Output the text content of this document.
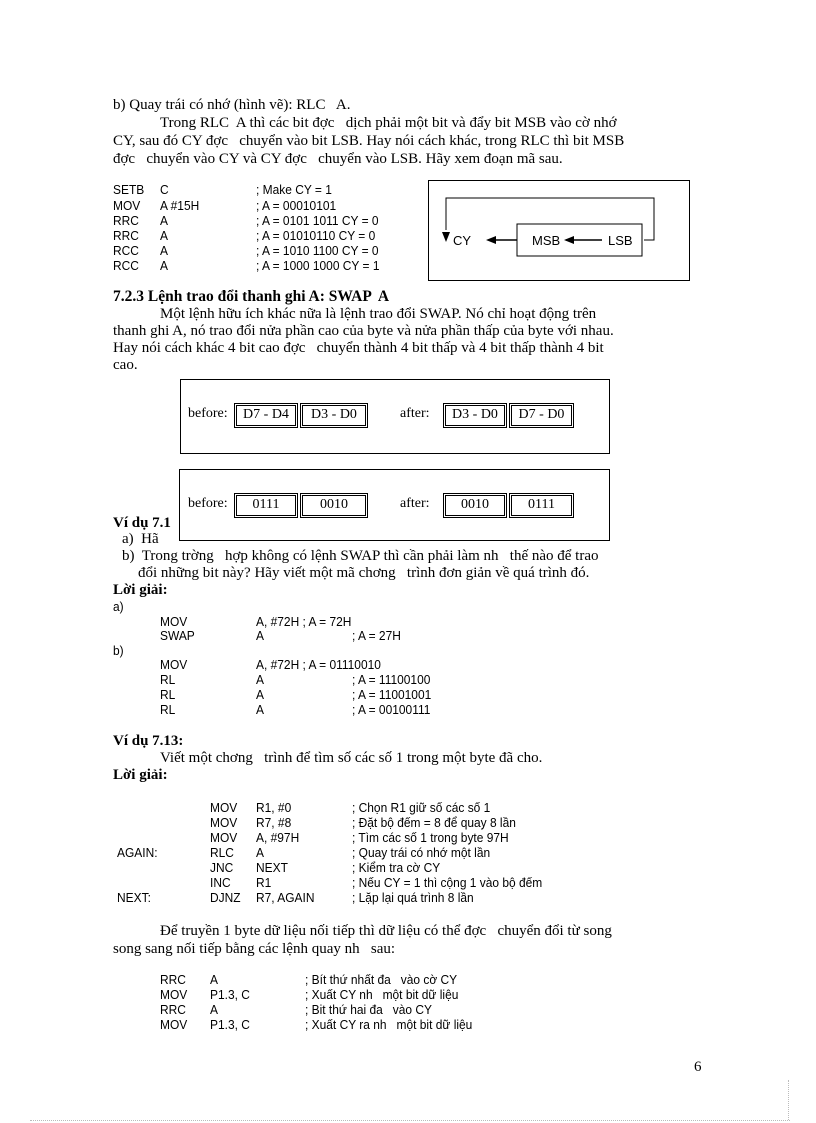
b) Quay trái có nhớ (hình vẽ): RLC   A.
Trong RLC  A thì các bit đợc   dịch phải một bit và đẩy bit MSB vào cờ nhớ
CY, sau đó CY đợc   chuyển vào bit LSB. Hay nói cách khác, trong RLC thì bit MSB
đợc   chuyển vào CY và CY đợc   chuyển vào LSB. Hãy xem đoạn mã sau.
SETB C	; Make CY = 1
MOV A #15H	; A = 00010101
RRC A	; A = 0101 1011 CY = 0
RRC A	; A = 01010110 CY = 0
RCC A	; A = 1010 1100 CY = 0
RCC A	; A = 1000 1000 CY = 1
CY	MSB	LSB
7.2.3 Lệnh trao đổi thanh ghi A: SWAP  A
Một lệnh hữu ích khác nữa là lệnh trao đổi SWAP. Nó chỉ hoạt động trên
thanh ghi A, nó trao đổi nửa phần cao của byte và nửa phần thấp của byte với nhau.
Hay nói cách khác 4 bit cao đợc   chuyển thành 4 bit thấp và 4 bit thấp thành 4 bit
cao.
before:	D7 - D4	D3 - D0	after:	D3 - D0	D7 - D0
Ví dụ 7.1
a)  Hã
before:	0111	0010	after:	0010	0111
b)  Trong trờng   hợp không có lệnh SWAP thì cần phải làm nh   thế nào để trao
đổi những bit này? Hãy viết một mã chơng   trình đơn giản về quá trình đó.
Lời giải:
a)
MOV	A, #72H ; A = 72H
SWAP	A	; A = 27H
b)
MOV	A, #72H ; A = 01110010
RL	A	; A = 11100100
RL	A	; A = 11001001
RL	A	; A = 00100111
Ví dụ 7.13:
Viết một chơng   trình để tìm số các số 1 trong một byte đã cho.
Lời giải:
MOV R1, #0	; Chọn R1 giữ số các số 1
MOV R7, #8	; Đặt bộ đếm = 8 để quay 8 lần
MOV A, #97H	; Tìm các số 1 trong byte 97H
AGAIN:	RLC A	; Quay trái có nhớ một lần
JNC NEXT	; Kiểm tra cờ CY
INC R1	; Nếu CY = 1 thì cộng 1 vào bộ đếm
NEXT:	DJNZ R7, AGAIN	; Lặp lại quá trình 8 lần
Để truyền 1 byte dữ liệu nối tiếp thì dữ liệu có thể đợc   chuyển đổi từ song
song sang nối tiếp bằng các lệnh quay nh   sau:
RRC A	; Bít thứ nhất đa   vào cờ CY
MOV P1.3, C	; Xuất CY nh   một bit dữ liệu
RRC A	; Bit thứ hai đa   vào CY
MOV P1.3, C	; Xuất CY ra nh   một bit dữ liệu
6
